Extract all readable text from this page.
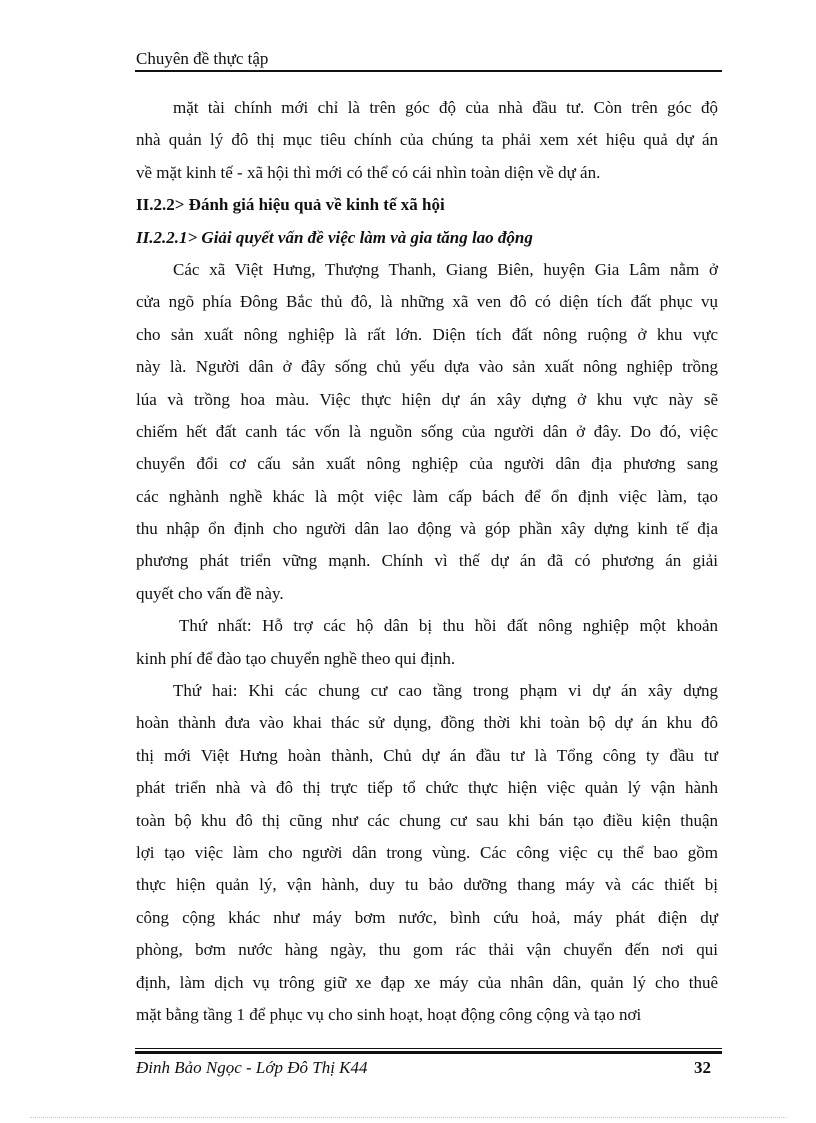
Chuyên đề thực tập
mặt tài chính mới chỉ là trên góc độ của nhà đầu tư. Còn trên góc độ
nhà quản lý đô thị mục tiêu chính của chúng ta phải xem xét hiệu quả dự án
về mặt kinh tế - xã hội thì mới có thể có cái nhìn toàn diện về dự án.
II.2.2> Đánh giá hiệu quả về kinh tế xã hội
II.2.2.1> Giải quyết vấn đề việc làm và gia tăng lao động
Các xã Việt Hưng, Thượng Thanh, Giang Biên, huyện Gia Lâm nằm ở
cửa ngõ phía Đông Bắc thủ đô, là những xã ven đô có diện tích đất phục vụ
cho sản xuất nông nghiệp là rất lớn. Diện tích đất nông ruộng ở khu vực
này là. Người dân ở đây sống chủ yếu dựa vào sản xuất nông nghiệp trồng
lúa và trồng hoa màu. Việc thực hiện dự án xây dựng ở khu vực này sẽ
chiếm hết đất canh tác vốn là nguồn sống của người dân ở đây. Do đó, việc
chuyển đổi cơ cấu sản xuất nông nghiệp của người dân địa phương sang
các nghành nghề khác là một việc làm cấp bách để ổn định việc làm, tạo
thu nhập ổn định cho người dân lao động và góp phần xây dựng kinh tế địa
phương phát triển vững mạnh. Chính vì thế dự án đã có phương án giải
quyết cho vấn đề này.
Thứ nhất: Hỗ trợ các hộ dân bị thu hồi đất nông nghiệp một khoản
kinh phí để đào tạo chuyển nghề theo qui định.
Thứ hai: Khi các chung cư cao tầng trong phạm vi dự án xây dựng
hoàn thành đưa vào khai thác sử dụng, đồng thời khi toàn bộ dự án khu đô
thị mới Việt Hưng hoàn thành, Chủ dự án đầu tư là Tổng công ty đầu tư
phát triển nhà và đô thị trực tiếp tổ chức thực hiện việc quản lý vận hành
toàn bộ khu đô thị cũng như các chung cư sau khi bán tạo điều kiện thuận
lợi tạo việc làm cho người dân trong vùng. Các công việc cụ thể bao gồm
thực hiện quản lý, vận hành, duy tu bảo dưỡng thang máy và các thiết bị
công cộng khác như máy bơm nước, bình cứu hoả, máy phát điện dự
phòng, bơm nước hàng ngày, thu gom rác thải vận chuyển đến nơi qui
định, làm dịch vụ trông giữ xe đạp xe máy của nhân dân, quản lý cho thuê
mặt bằng tầng 1 để phục vụ cho sinh hoạt, hoạt động công cộng và tạo nơi
Đinh Bảo Ngọc - Lớp Đô Thị K44	32
